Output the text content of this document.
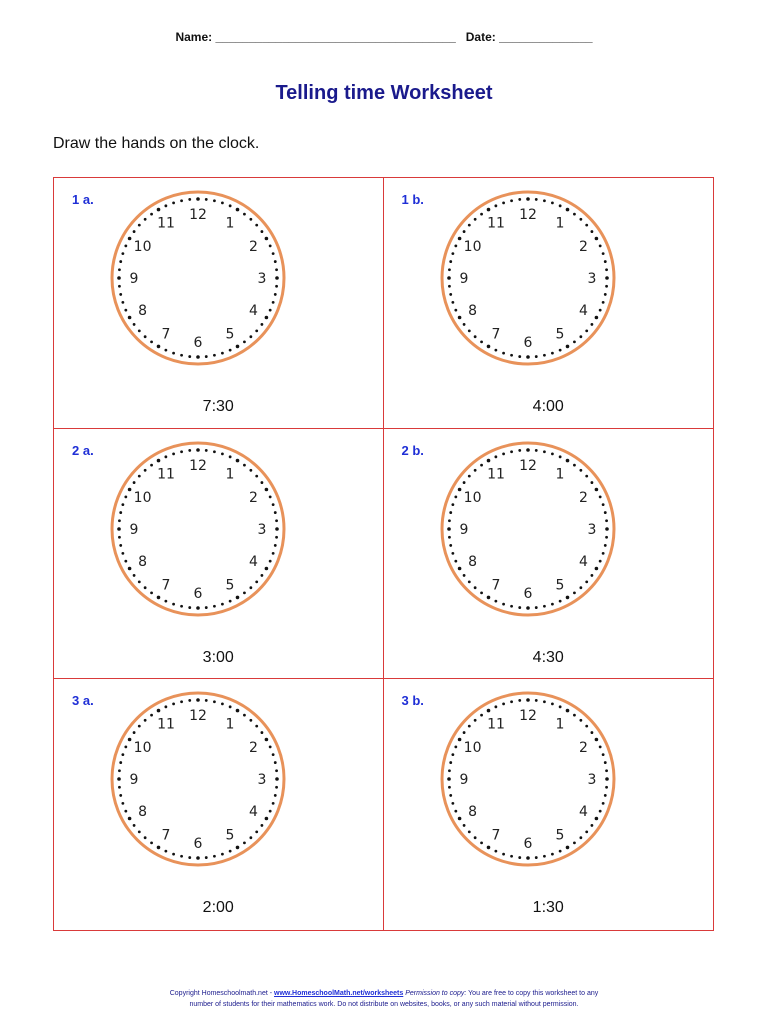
Name: ____________________________________ Date: ______________
Telling time Worksheet
Draw the hands on the clock.
1 a.
12
1
2
3
4
5
6
7
8
9
10
11
7:30
1 b.
12
1
2
3
4
5
6
7
8
9
10
11
4:00
2 a.
12
1
2
3
4
5
6
7
8
9
10
11
3:00
2 b.
12
1
2
3
4
5
6
7
8
9
10
11
4:30
3 a.
12
1
2
3
4
5
6
7
8
9
10
11
2:00
3 b.
12
1
2
3
4
5
6
7
8
9
10
11
1:30
Copyright Homeschoolmath.net - www.HomeschoolMath.net/worksheets Permission to copy: You are free to copy this worksheet to any
number of students for their mathematics work. Do not distribute on websites, books, or any such material without permission.
